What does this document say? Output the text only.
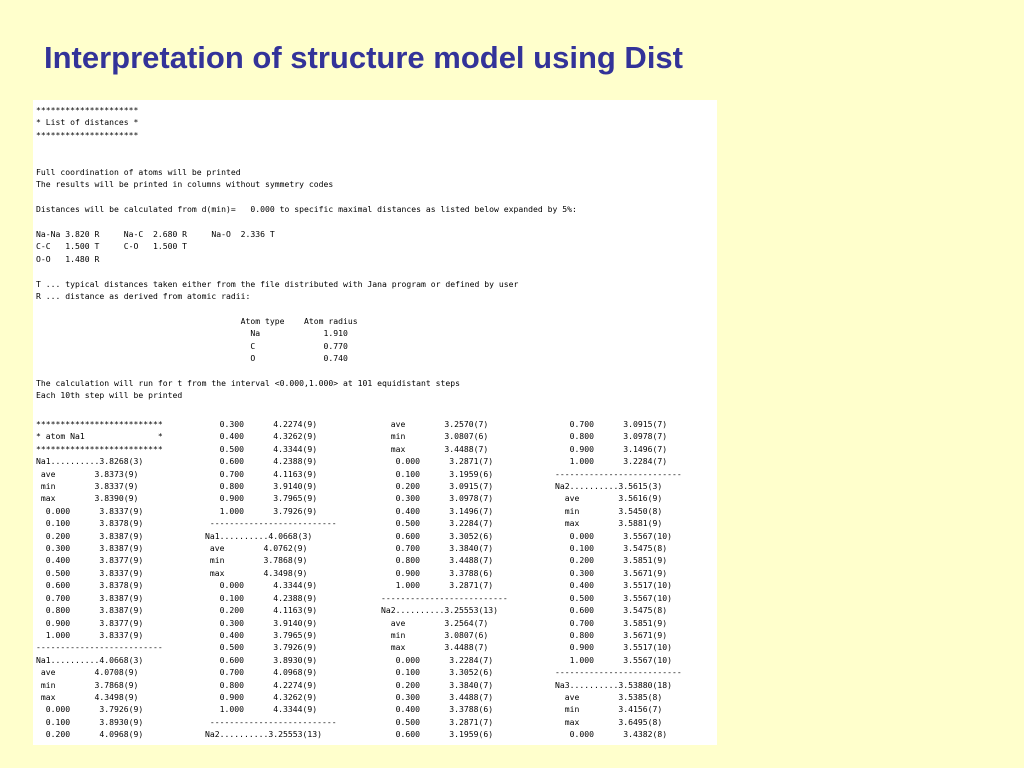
Interpretation of structure model using Dist
*********************
* List of distances *
*********************

Full coordination of atoms will be printed
The results will be printed in columns without symmetry codes

Distances will be calculated from d(min)=   0.000 to specific maximal distances as listed below expanded by 5%:

Na-Na 3.820 R     Na-C  2.680 R     Na-O  2.336 T
C-C   1.500 T     C-O   1.500 T
O-O   1.480 R

T ... typical distances taken either from the file distributed with Jana program or defined by user
R ... distance as derived from atomic radii:

Atom type    Atom radius
Na             1.910
C              0.770
O              0.740

The calculation will run for t from the interval <0.000,1.000> at 101 equidistant steps
Each 10th step will be printed

**************************
* atom Na1               *
**************************
Na1..........3.8268(3)
ave        3.8373(9)
min        3.8337(9)
max        3.8390(9)
0.000      3.8337(9)
0.100      3.8378(9)
0.200      3.8387(9)
0.300      3.8387(9)
0.400      3.8377(9)
0.500      3.8337(9)
0.600      3.8378(9)
0.700      3.8387(9)
0.800      3.8387(9)
0.900      3.8377(9)
1.000      3.8337(9)
--------------------------
Na1..........4.0668(3)
ave        4.0708(9)
min        3.7868(9)
max        4.3498(9)
0.000      3.7926(9)
0.100      3.8930(9)
0.200      4.0968(9)
0.300      4.2274(9)
0.400      4.3262(9)
0.500      4.3344(9)
0.600      4.2388(9)
0.700      4.1163(9)
0.800      3.9140(9)
0.900      3.7965(9)
1.000      3.7926(9)
--------------------------
Na1..........4.0668(3)
ave        4.0762(9)
min        3.7868(9)
max        4.3498(9)
0.000      4.3344(9)
0.100      4.2388(9)
0.200      4.1163(9)
0.300      3.9140(9)
0.400      3.7965(9)
0.500      3.7926(9)
0.600      3.8930(9)
0.700      4.0968(9)
0.800      4.2274(9)
0.900      4.3262(9)
1.000      4.3344(9)
--------------------------
Na2..........3.25553(13)
ave        3.2570(7)
min        3.0807(6)
max        3.4488(7)
0.000      3.2871(7)
0.100      3.1959(6)
0.200      3.0915(7)
0.300      3.0978(7)
0.400      3.1496(7)
0.500      3.2284(7)
0.600      3.3052(6)
0.700      3.3840(7)
0.800      3.4488(7)
0.900      3.3788(6)
1.000      3.2871(7)
--------------------------
Na2..........3.25553(13)
ave        3.2564(7)
min        3.0807(6)
max        3.4488(7)
0.000      3.2284(7)
0.100      3.3052(6)
0.200      3.3840(7)
0.300      3.4488(7)
0.400      3.3788(6)
0.500      3.2871(7)
0.600      3.1959(6)
0.700      3.0915(7)
0.800      3.0978(7)
0.900      3.1496(7)
1.000      3.2284(7)
--------------------------
Na2..........3.5615(3)
ave        3.5616(9)
min        3.5450(8)
max        3.5881(9)
0.000      3.5567(10)
0.100      3.5475(8)
0.200      3.5851(9)
0.300      3.5671(9)
0.400      3.5517(10)
0.500      3.5567(10)
0.600      3.5475(8)
0.700      3.5851(9)
0.800      3.5671(9)
0.900      3.5517(10)
1.000      3.5567(10)
--------------------------
Na3..........3.53880(18)
ave        3.5385(8)
min        3.4156(7)
max        3.6495(8)
0.000      3.4382(8)
